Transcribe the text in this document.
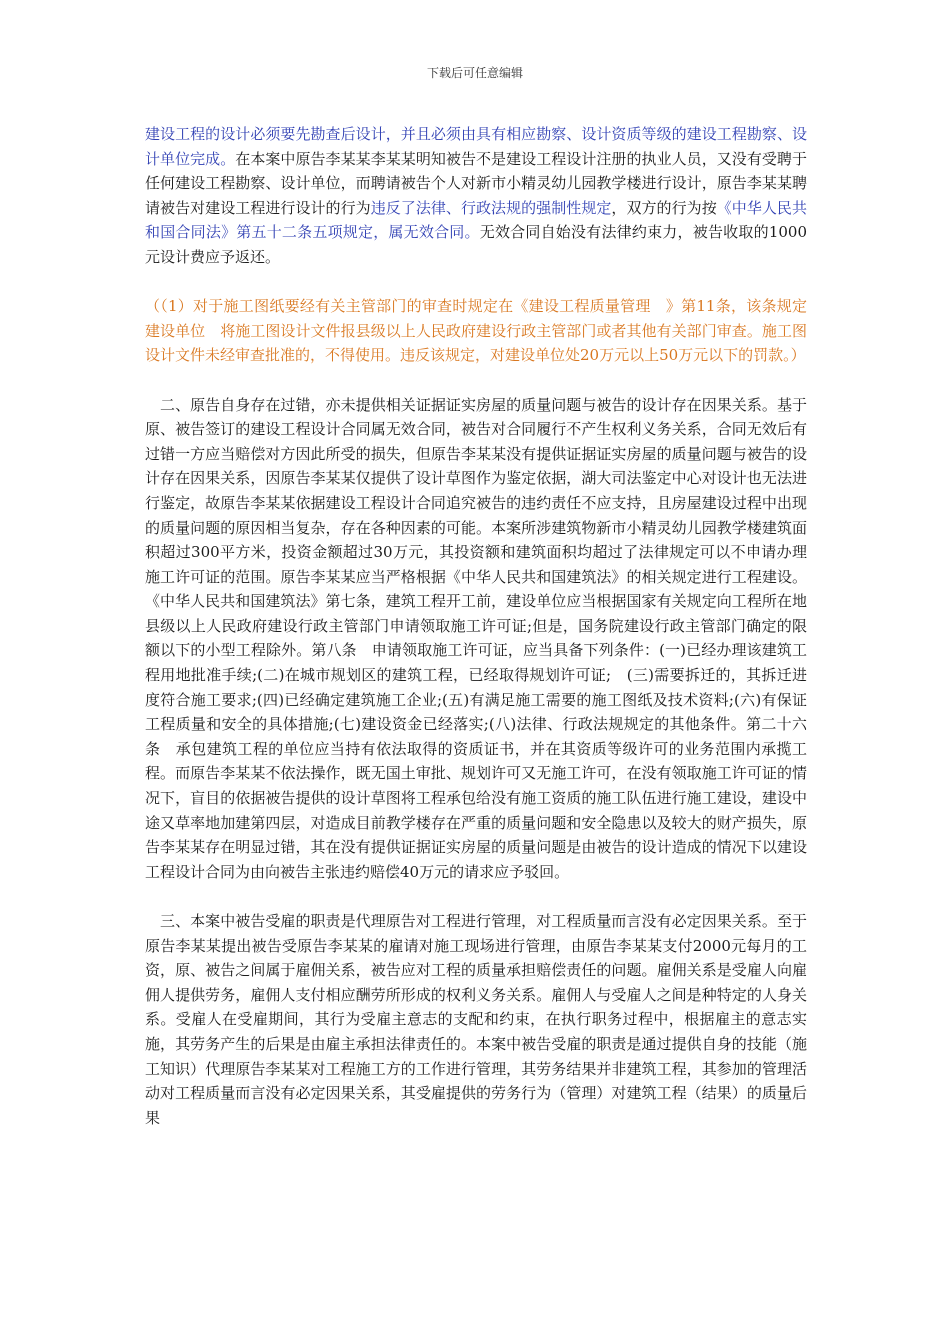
下载后可任意编辑

建设工程的设计必须要先勘查后设计，并且必须由具有相应勘察、设计资质等级的建设工程勘察、设计单位完成。在本案中原告李某某李某某明知被告不是建设工程设计注册的执业人员，又没有受聘于任何建设工程勘察、设计单位，而聘请被告个人对新市小精灵幼儿园教学楼进行设计，原告李某某聘请被告对建设工程进行设计的行为违反了法律、行政法规的强制性规定，双方的行为按《中华人民共和国合同法》第五十二条五项规定，属无效合同。无效合同自始没有法律约束力，被告收取的1000元设计费应予返还。

（（1）对于施工图纸要经有关主管部门的审查时规定在《建设工程质量管理　》第11条，该条规定建设单位　将施工图设计文件报县级以上人民政府建设行政主管部门或者其他有关部门审查。施工图设计文件未经审查批准的，不得使用。违反该规定，对建设单位处20万元以上50万元以下的罚款。）

　二、原告自身存在过错，亦未提供相关证据证实房屋的质量问题与被告的设计存在因果关系。基于原、被告签订的建设工程设计合同属无效合同，被告对合同履行不产生权利义务关系，合同无效后有过错一方应当赔偿对方因此所受的损失，但原告李某某没有提供证据证实房屋的质量问题与被告的设计存在因果关系，因原告李某某仅提供了设计草图作为鉴定依据，湖大司法鉴定中心对设计也无法进行鉴定，故原告李某某依据建设工程设计合同追究被告的违约责任不应支持，且房屋建设过程中出现的质量问题的原因相当复杂，存在各种因素的可能。本案所涉建筑物新市小精灵幼儿园教学楼建筑面积超过300平方米，投资金额超过30万元，其投资额和建筑面积均超过了法律规定可以不申请办理施工许可证的范围。原告李某某应当严格根据《中华人民共和国建筑法》的相关规定进行工程建设。《中华人民共和国建筑法》第七条，建筑工程开工前，建设单位应当根据国家有关规定向工程所在地县级以上人民政府建设行政主管部门申请领取施工许可证;但是，国务院建设行政主管部门确定的限额以下的小型工程除外。第八条　申请领取施工许可证，应当具备下列条件：(一)已经办理该建筑工程用地批准手续;(二)在城市规划区的建筑工程，已经取得规划许可证;　(三)需要拆迁的，其拆迁进度符合施工要求;(四)已经确定建筑施工企业;(五)有满足施工需要的施工图纸及技术资料;(六)有保证工程质量和安全的具体措施;(七)建设资金已经落实;(八)法律、行政法规规定的其他条件。第二十六条　承包建筑工程的单位应当持有依法取得的资质证书，并在其资质等级许可的业务范围内承揽工程。而原告李某某不依法操作，既无国土审批、规划许可又无施工许可，在没有领取施工许可证的情况下，盲目的依据被告提供的设计草图将工程承包给没有施工资质的施工队伍进行施工建设，建设中途又草率地加建第四层，对造成目前教学楼存在严重的质量问题和安全隐患以及较大的财产损失，原告李某某存在明显过错，其在没有提供证据证实房屋的质量问题是由被告的设计造成的情况下以建设工程设计合同为由向被告主张违约赔偿40万元的请求应予驳回。

　三、本案中被告受雇的职责是代理原告对工程进行管理，对工程质量而言没有必定因果关系。至于原告李某某提出被告受原告李某某的雇请对施工现场进行管理，由原告李某某支付2000元每月的工资，原、被告之间属于雇佣关系，被告应对工程的质量承担赔偿责任的问题。雇佣关系是受雇人向雇佣人提供劳务，雇佣人支付相应酬劳所形成的权利义务关系。雇佣人与受雇人之间是种特定的人身关系。受雇人在受雇期间，其行为受雇主意志的支配和约束，在执行职务过程中，根据雇主的意志实施，其劳务产生的后果是由雇主承担法律责任的。本案中被告受雇的职责是通过提供自身的技能（施工知识）代理原告李某某对工程施工方的工作进行管理，其劳务结果并非建筑工程，其参加的管理活动对工程质量而言没有必定因果关系，其受雇提供的劳务行为（管理）对建筑工程（结果）的质量后果
